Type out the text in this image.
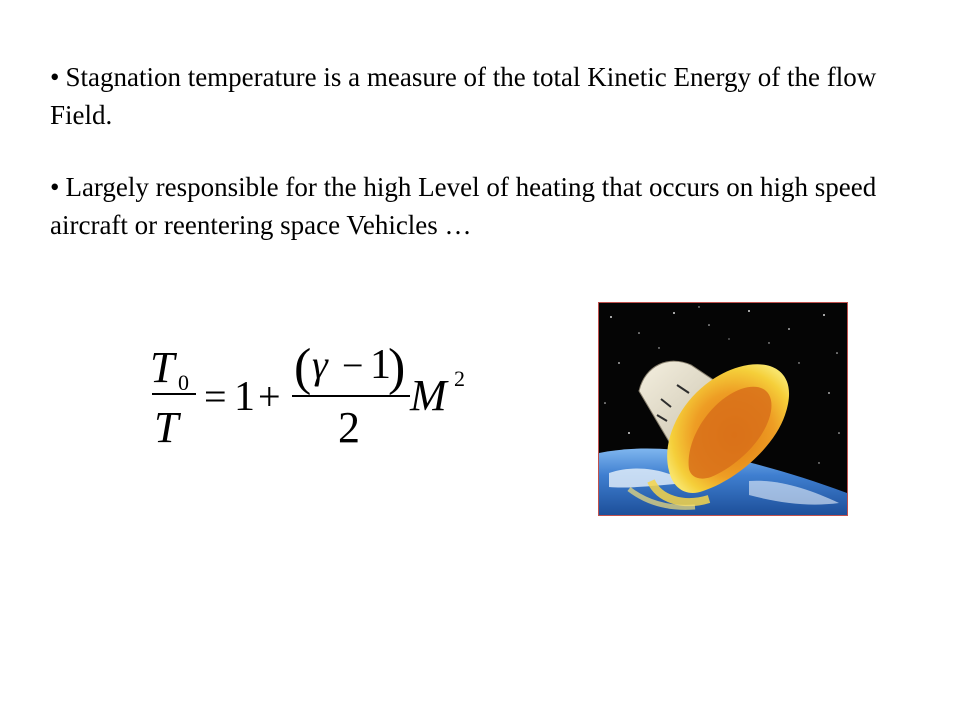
• Stagnation temperature is a measure of the total Kinetic Energy of the flow Field.

• Largely responsible for the high Level of heating that occurs on high speed aircraft or reentering space Vehicles …

T 0
T
= 1 +
( γ − 1
)
2
M 2
